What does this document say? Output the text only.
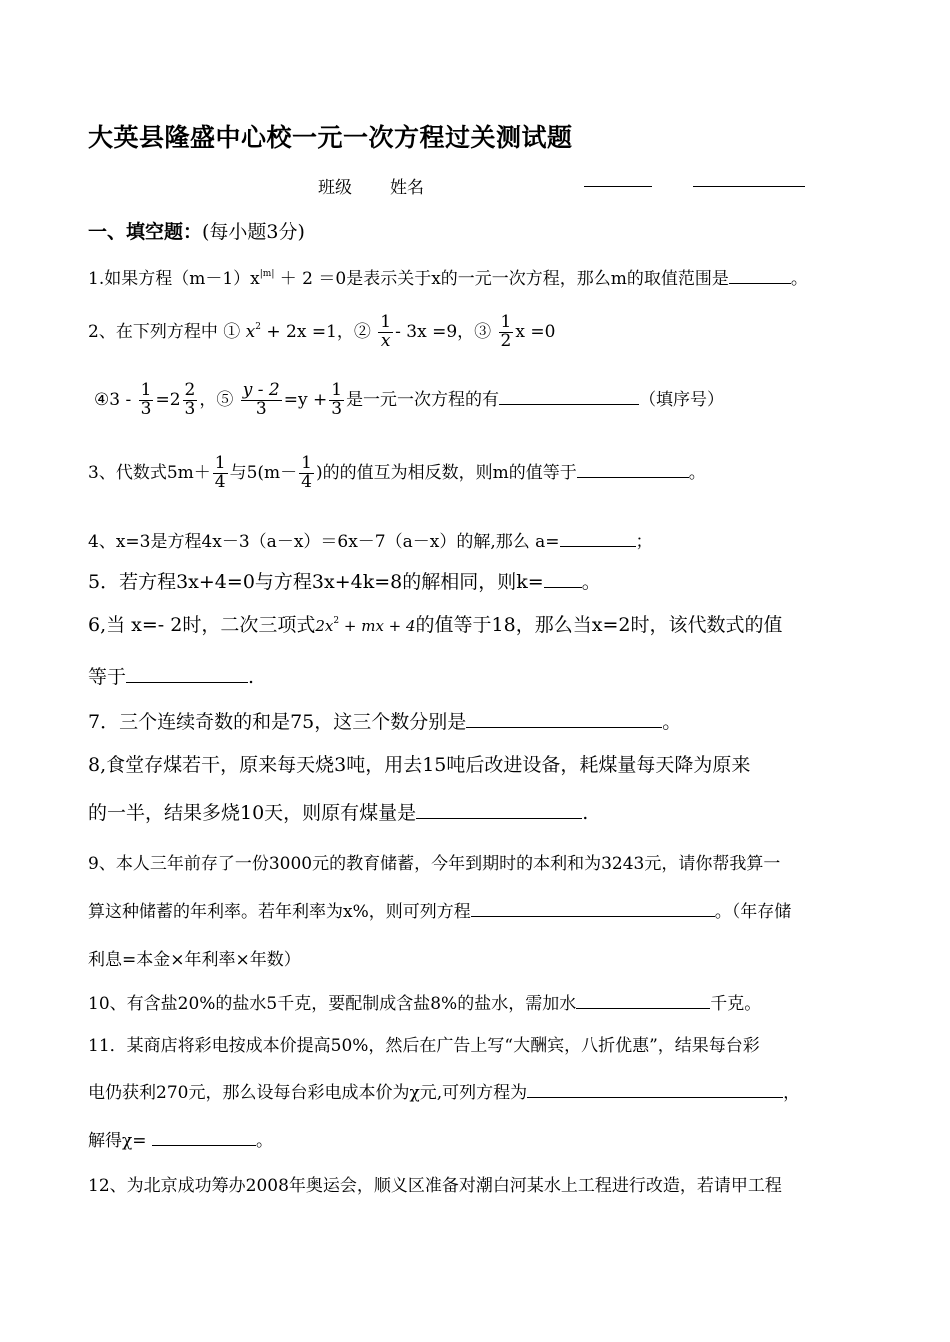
大英县隆盛中心校一元一次方程过关测试题
班级 姓名
一、填空题：(每小题3分)
1.如果方程$(m-1)x^{|m|} + 2 =0$是表示关于x的一元一次方程，那么m的取值范围是	。
2、在下列方程中 ① $x^2 + 2x =1$，② $\frac{1}{x} - 3x =9$，③ $\frac{1}{2}$ x =0
④3 - $\frac{1}{3} =2 \frac{2}{3}$ ，⑤ $\frac{y - 2}{3} =y + \frac{1}{3}$ 是一元一次方程的有	（填序号）
3、代数式$5m+ \frac{1}{4}$ 与$5(m- \frac{1}{4}$ )的的值互为相反数，则m的值等于	。
4、x=3是方程4x－3（a－x）＝6x－7（a－x）的解,那么 a=	；
5．若方程3x+4=0与方程3x+4k=8的解相同，则k= 。
6,当 x=- 2时，二次三项式$2x^2$ + mx + 4的值等于18，那么当x=2时，该代数式的值
等于	.
7．三个连续奇数的和是75，这三个数分别是	。
8,食堂存煤若干，原来每天烧3吨，用去15吨后改进设备，耗煤量每天降为原来
的一半，结果多烧10天，则原有煤量是	.
9、本人三年前存了一份3000元的教育储蓄，今年到期时的本利和为3243元，请你帮我算一
算这种储蓄的年利率。若年利率为x%，则可列方程	。（年存储
利息=本金×年利率×年数）
10、有含盐20%的盐水5千克，要配制成含盐8%的盐水，需加水	千克。
11．某商店将彩电按成本价提高50%，然后在广告上写“大酬宾，八折优惠”，结果每台彩
电仍获利270元，那么设每台彩电成本价为χ元,可列方程为	，
解得χ=	。
12、为北京成功筹办2008年奥运会，顺义区准备对潮白河某水上工程进行改造，若请甲工程
